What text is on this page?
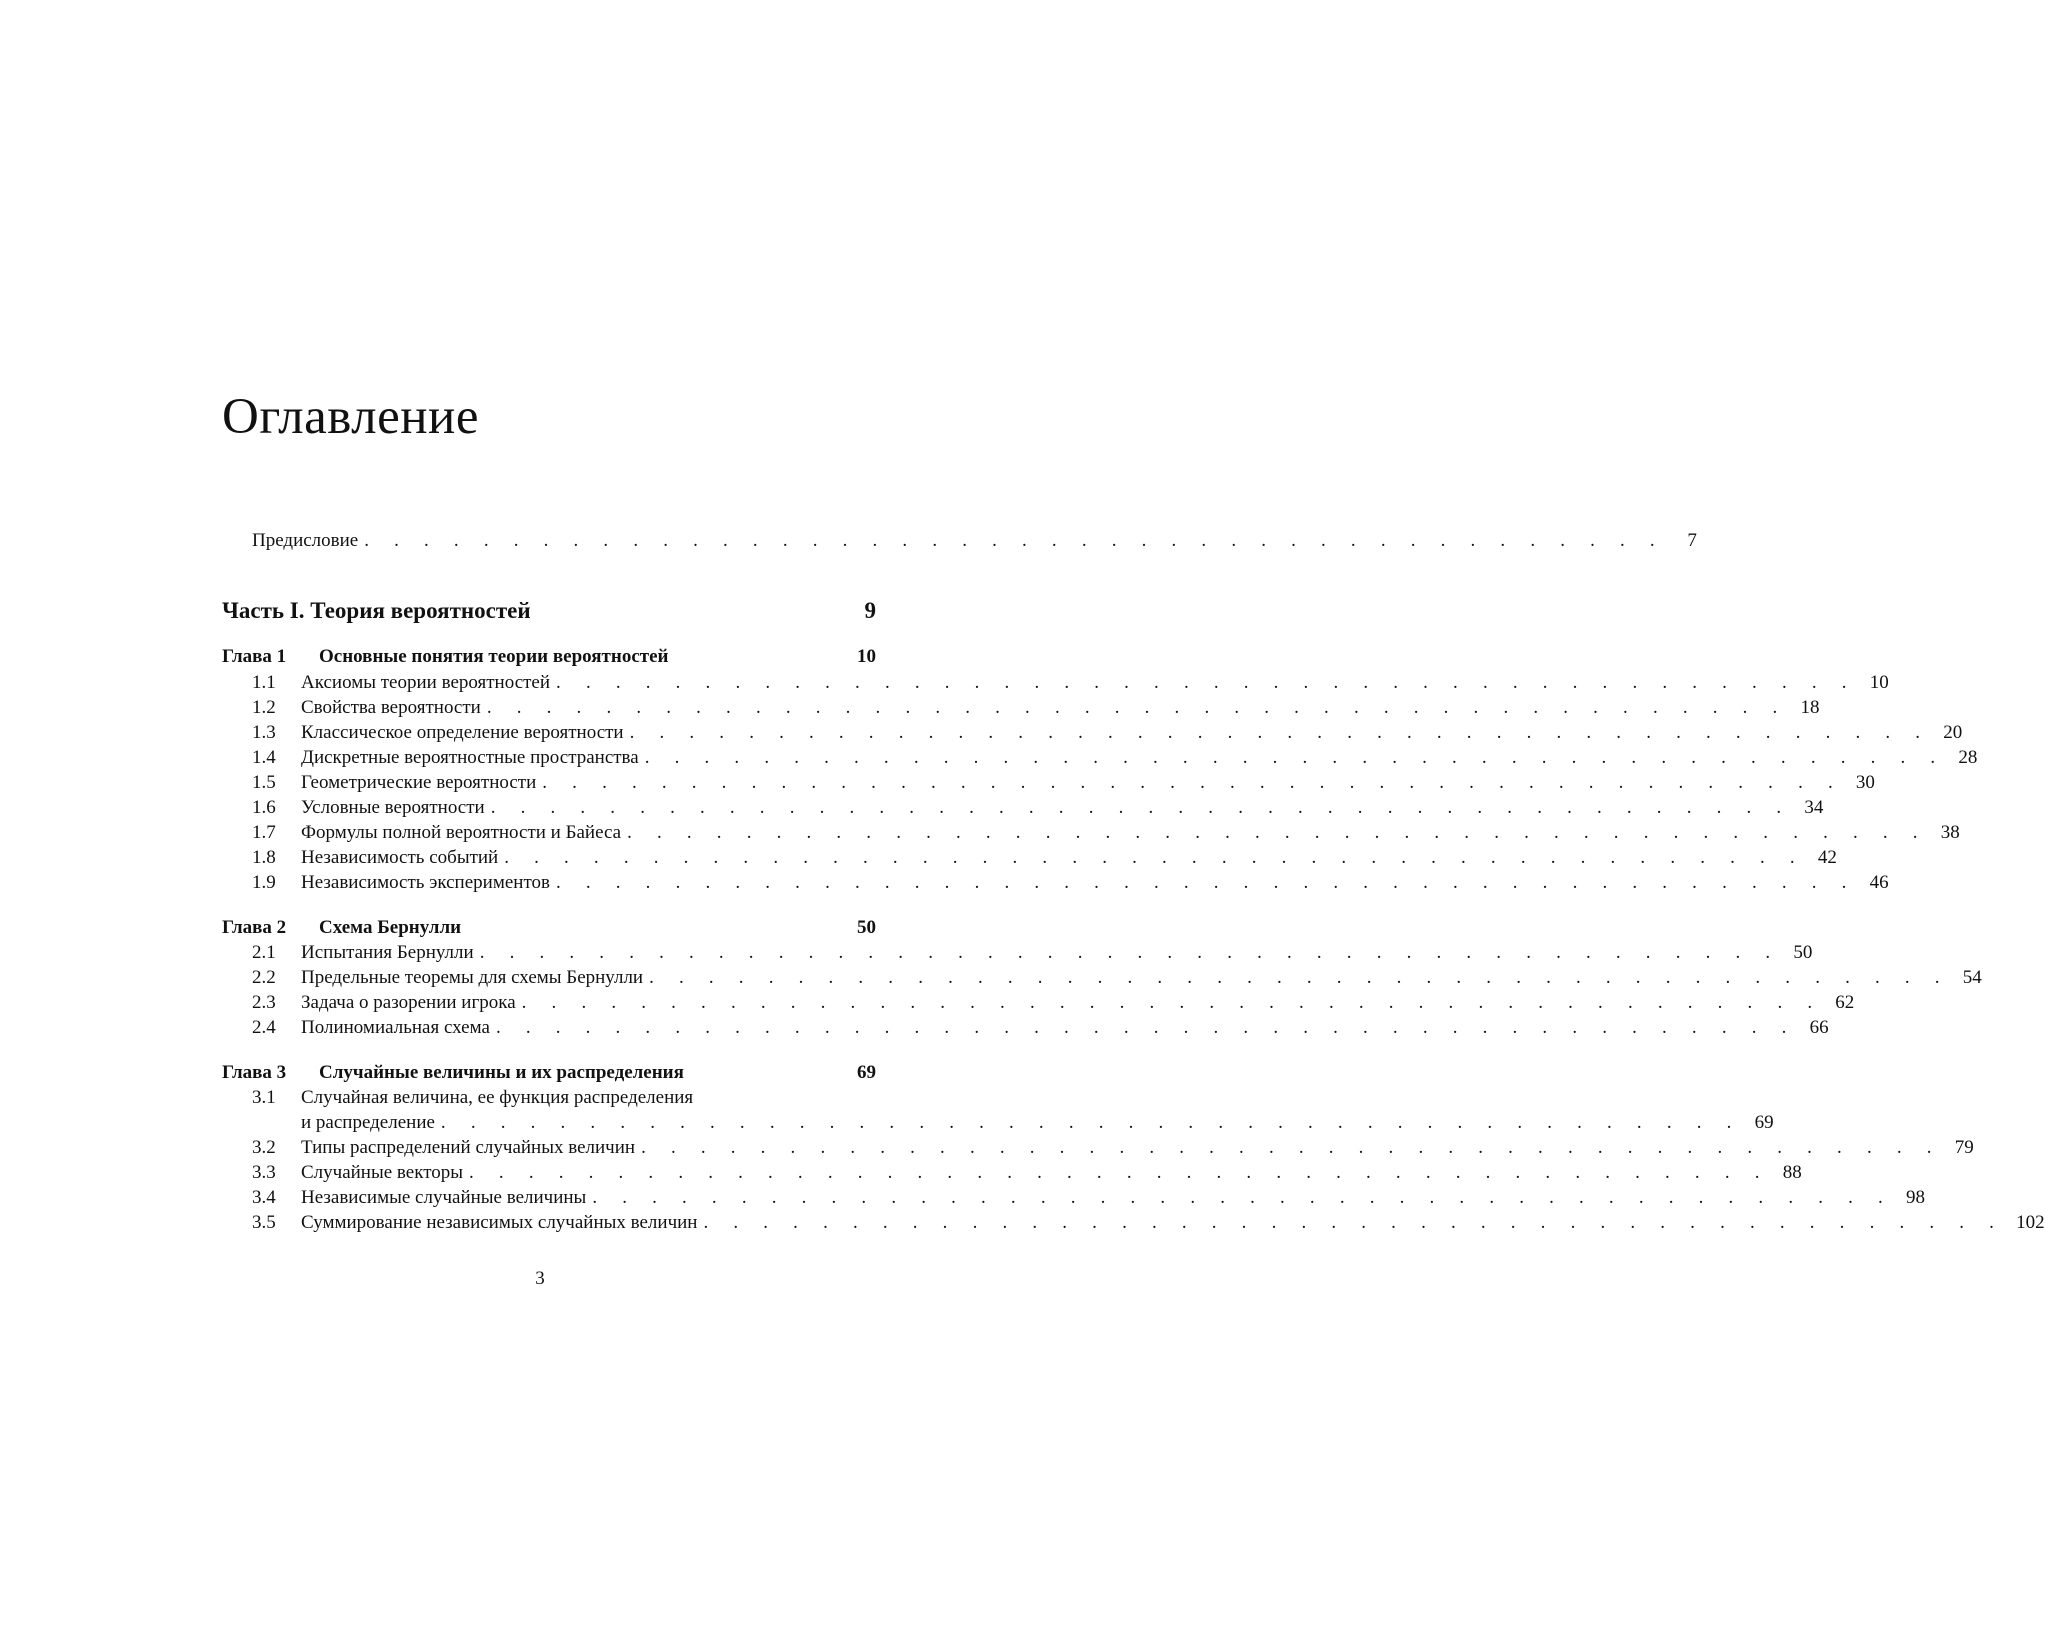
Оглавление
Предисловие . . . . . . . . . . . . . . . . . . . . . . . . . . . . . . . . . . . . . . . . . . . .	7
Часть I. Теория вероятностей	9
Глава 1	Основные понятия теории вероятностей	10
1.1	Аксиомы теории вероятностей . . . . . . . . . . . . . . . . . . . . . . . . . . . . . . . . . . . . . . . . . . . . 10
1.2	Свойства вероятности . . . . . . . . . . . . . . . . . . . . . . . . . . . . . . . . . . . . . . . . . . . . 18
1.3	Классическое определение вероятности . . . . . . . . . . . . . . . . . . . . . . . . . . . . . . . . . . . . . . . . . . . . 20
1.4	Дискретные вероятностные пространства . . . . . . . . . . . . . . . . . . . . . . . . . . . . . . . . . . . . . . . . . . . . 28
1.5	Геометрические вероятности . . . . . . . . . . . . . . . . . . . . . . . . . . . . . . . . . . . . . . . . . . . . 30
1.6	Условные вероятности . . . . . . . . . . . . . . . . . . . . . . . . . . . . . . . . . . . . . . . . . . . . 34
1.7	Формулы полной вероятности и Байеса . . . . . . . . . . . . . . . . . . . . . . . . . . . . . . . . . . . . . . . . . . . . 38
1.8	Независимость событий . . . . . . . . . . . . . . . . . . . . . . . . . . . . . . . . . . . . . . . . . . . . 42
1.9	Независимость экспериментов . . . . . . . . . . . . . . . . . . . . . . . . . . . . . . . . . . . . . . . . . . . . 46
Глава 2	Схема Бернулли	50
2.1	Испытания Бернулли . . . . . . . . . . . . . . . . . . . . . . . . . . . . . . . . . . . . . . . . . . . . 50
2.2	Предельные теоремы для схемы Бернулли . . . . . . . . . . . . . . . . . . . . . . . . . . . . . . . . . . . . . . . . . . . . 54
2.3	Задача о разорении игрока . . . . . . . . . . . . . . . . . . . . . . . . . . . . . . . . . . . . . . . . . . . . 62
2.4	Полиномиальная схема . . . . . . . . . . . . . . . . . . . . . . . . . . . . . . . . . . . . . . . . . . . . 66
Глава 3	Случайные величины и их распределения	69
3.1	Случайная величина, ее функция распределения
и распределение . . . . . . . . . . . . . . . . . . . . . . . . . . . . . . . . . . . . . . . . . . . . 69
3.2	Типы распределений случайных величин . . . . . . . . . . . . . . . . . . . . . . . . . . . . . . . . . . . . . . . . . . . . 79
3.3	Случайные векторы . . . . . . . . . . . . . . . . . . . . . . . . . . . . . . . . . . . . . . . . . . . . 88
3.4	Независимые случайные величины . . . . . . . . . . . . . . . . . . . . . . . . . . . . . . . . . . . . . . . . . . . . 98
3.5	Суммирование независимых случайных величин . . . . . . . . . . . . . . . . . . . . . . . . . . . . . . . . . . . . . . . . . . . . 102
3
